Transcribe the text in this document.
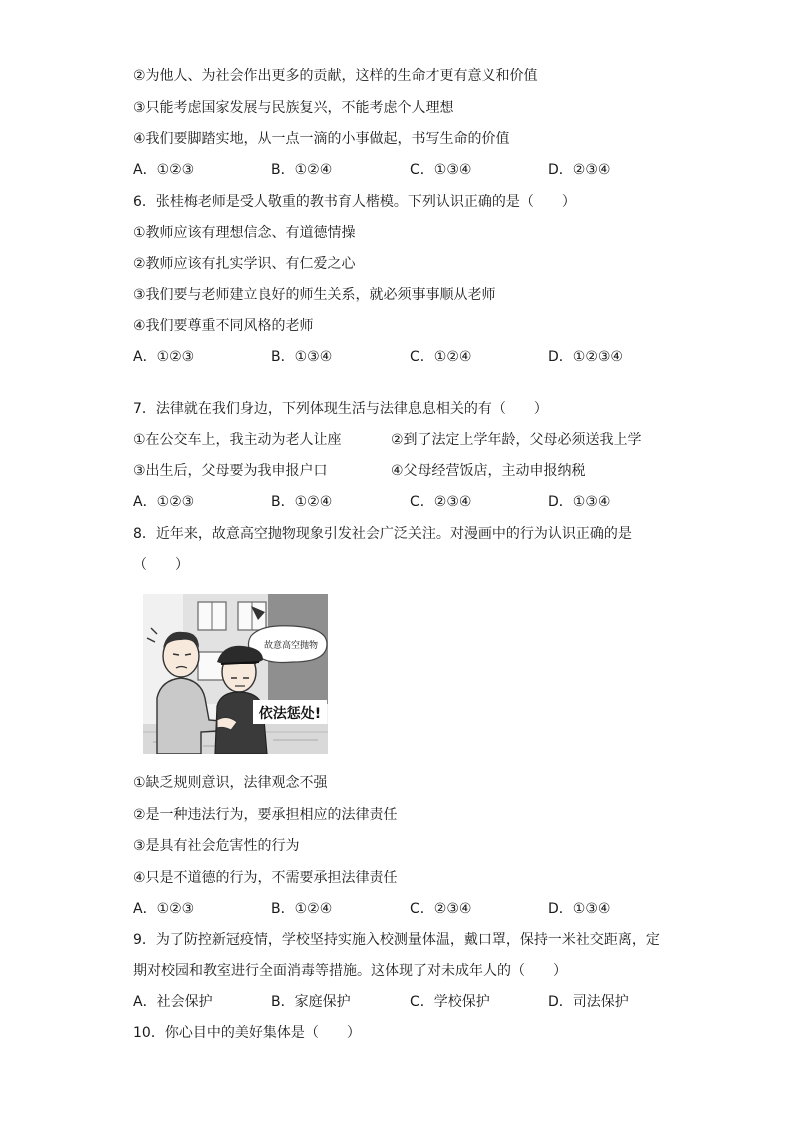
②为他人、为社会作出更多的贡献，这样的生命才更有意义和价值
③只能考虑国家发展与民族复兴，不能考虑个人理想
④我们要脚踏实地，从一点一滴的小事做起，书写生命的价值
A．①②③	B．①②④	C．①③④	D．②③④
6．张桂梅老师是受人敬重的教书育人楷模。下列认识正确的是（　　）
①教师应该有理想信念、有道德情操
②教师应该有扎实学识、有仁爱之心
③我们要与老师建立良好的师生关系，就必须事事顺从老师
④我们要尊重不同风格的老师
A．①②③	B．①③④	C．①②④	D．①②③④
7．法律就在我们身边，下列体现生活与法律息息相关的有（　　）
①在公交车上，我主动为老人让座	②到了法定上学年龄，父母必须送我上学
③出生后，父母要为我申报户口	④父母经营饭店，主动申报纳税
A．①②③	B．①②④	C．②③④	D．①③④
8．近年来，故意高空抛物现象引发社会广泛关注。对漫画中的行为认识正确的是
（　　）
故意高空抛物
依法惩处!
①缺乏规则意识，法律观念不强
②是一种违法行为，要承担相应的法律责任
③是具有社会危害性的行为
④只是不道德的行为，不需要承担法律责任
A．①②③	B．①②④	C．②③④	D．①③④
9．为了防控新冠疫情，学校坚持实施入校测量体温，戴口罩，保持一米社交距离，定
期对校园和教室进行全面消毒等措施。这体现了对未成年人的（　　）
A．社会保护	B．家庭保护	C．学校保护	D．司法保护
10．你心目中的美好集体是（　　）
